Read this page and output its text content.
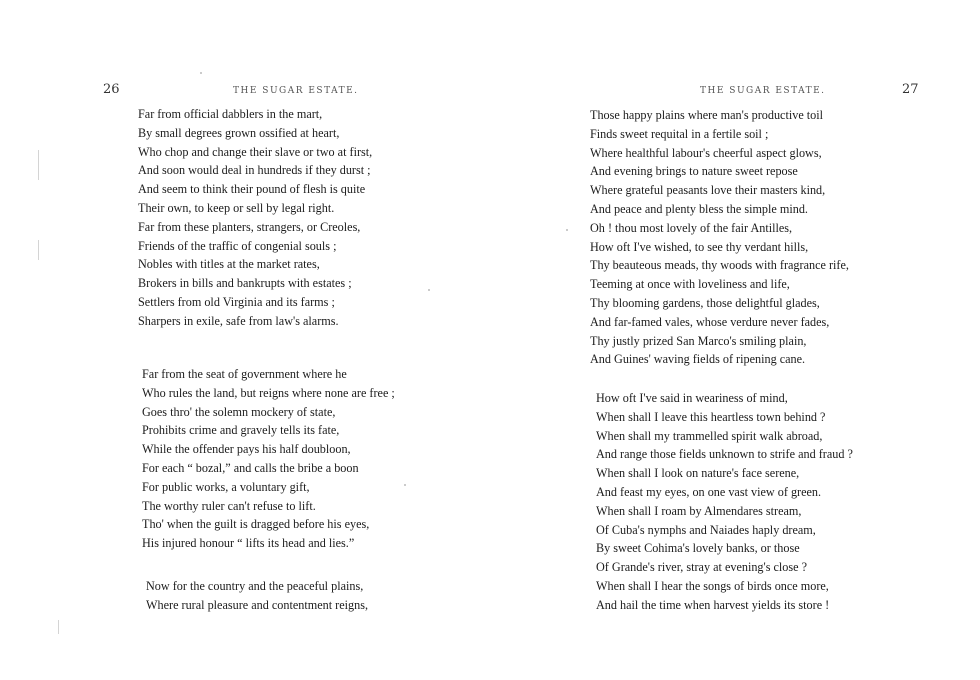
26	THE SUGAR ESTATE.
Far from official dabblers in the mart,
By small degrees grown ossified at heart,
Who chop and change their slave or two at first,
And soon would deal in hundreds if they durst ;
And seem to think their pound of flesh is quite
Their own, to keep or sell by legal right.
Far from these planters, strangers, or Creoles,
Friends of the traffic of congenial souls ;
Nobles with titles at the market rates,
Brokers in bills and bankrupts with estates ;
Settlers from old Virginia and its farms ;
Sharpers in exile, safe from law's alarms.
Far from the seat of government where he
Who rules the land, but reigns where none are free ;
Goes thro' the solemn mockery of state,
Prohibits crime and gravely tells its fate,
While the offender pays his half doubloon,
For each “ bozal,” and calls the bribe a boon
For public works, a voluntary gift,
The worthy ruler can't refuse to lift.
Tho' when the guilt is dragged before his eyes,
His injured honour “ lifts its head and lies.”
Now for the country and the peaceful plains,
Where rural pleasure and contentment reigns,
27
THE SUGAR ESTATE.
Those happy plains where man's productive toil
Finds sweet requital in a fertile soil ;
Where healthful labour's cheerful aspect glows,
And evening brings to nature sweet repose
Where grateful peasants love their masters kind,
And peace and plenty bless the simple mind.
Oh ! thou most lovely of the fair Antilles,
How oft I've wished, to see thy verdant hills,
Thy beauteous meads, thy woods with fragrance rife,
Teeming at once with loveliness and life,
Thy blooming gardens, those delightful glades,
And far-famed vales, whose verdure never fades,
Thy justly prized San Marco's smiling plain,
And Guines' waving fields of ripening cane.
How oft I've said in weariness of mind,
When shall I leave this heartless town behind ?
When shall my trammelled spirit walk abroad,
And range those fields unknown to strife and fraud ?
When shall I look on nature's face serene,
And feast my eyes, on one vast view of green.
When shall I roam by Almendares stream,
Of Cuba's nymphs and Naiades haply dream,
By sweet Cohima's lovely banks, or those
Of Grande's river, stray at evening's close ?
When shall I hear the songs of birds once more,
And hail the time when harvest yields its store !
